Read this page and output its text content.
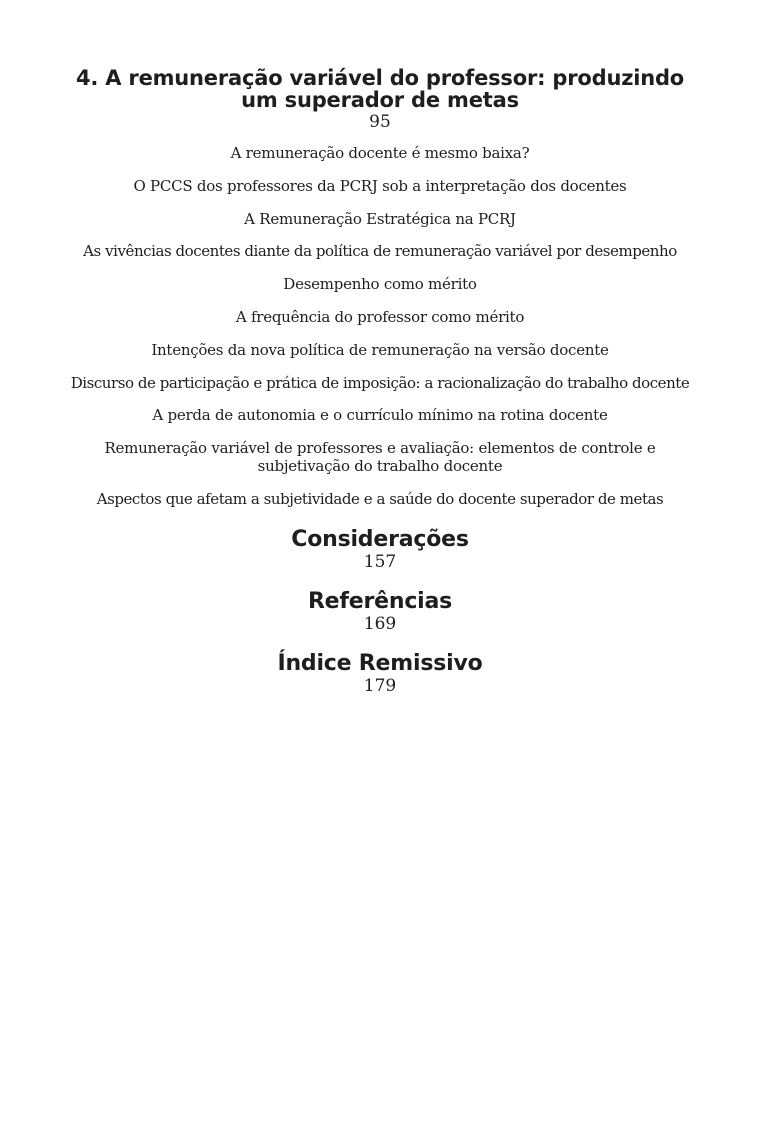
4. A remuneração variável do professor: produzindo um superador de metas

95

A remuneração docente é mesmo baixa?
O PCCS dos professores da PCRJ sob a interpretação dos docentes
A Remuneração Estratégica na PCRJ
As vivências docentes diante da política de remuneração variável por desempenho
Desempenho como mérito
A frequência do professor como mérito
Intenções da nova política de remuneração na versão docente
Discurso de participação e prática de imposição: a racionalização do trabalho docente
A perda de autonomia e o currículo mínimo na rotina docente
Remuneração variável de professores e avaliação: elementos de controle e subjetivação do trabalho docente
Aspectos que afetam a subjetividade e a saúde do docente superador de metas
Considerações

157

Referências

169

Índice Remissivo

179
